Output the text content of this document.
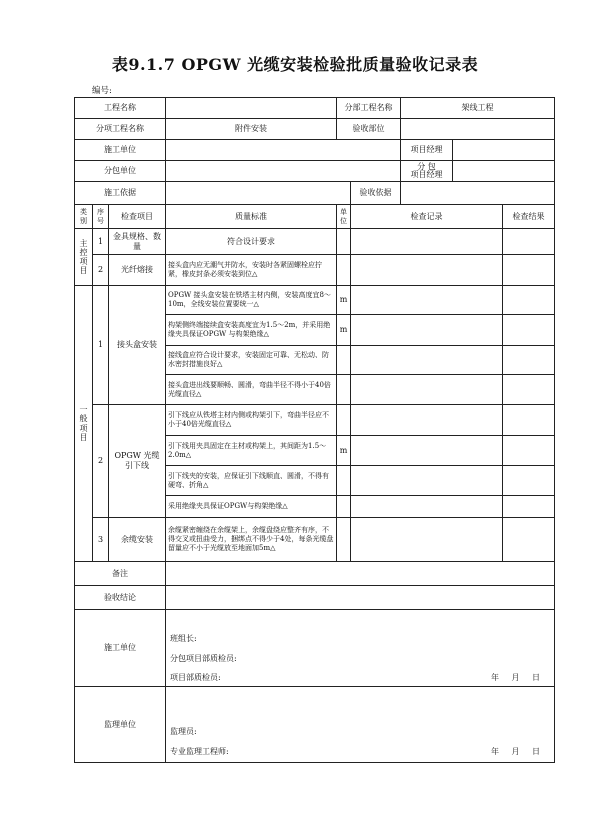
表9.1.7 OPGW 光缆安装检验批质量验收记录表
编号:
工程名称				分部工程名称		架线工程		
分项工程名称			附件安装	验收部位				
施工单位						项目经理		
分包单位						分 包
项目经理		
施工依据					验收依据			
类别	序号	检查项目	质量标准	单位	检查记录			检查结果
主控项目	1	金具规格、数量	符合设计要求					
	2	光纤熔接	接头盒内应无潮气并防水，安装时各紧固螺栓应拧紧，橡皮封条必须安装到位△					
一般项目	1	接头盒安装	OPGW 接头盒安装在铁塔主材内侧，安装高度宜8～10m，全线安装位置要统一△	m				
			构架侧终端接续盒安装高度宜为1.5～2m，并采用绝缘夹具保证OPGW 与构架绝缘△	m				
			接线盒应符合设计要求，安装固定可靠、无松动、防水密封措施良好△					
			接头盒进出线要顺畅、圆滑，弯曲半径不得小于40倍光缆直径△					
	2	OPGW 光缆引下线	引下线应从铁塔主材内侧或构架引下，弯曲半径应不小于40倍光缆直径△					
			引下线用夹具固定在主材或构架上，其间距为1.5～2.0m△	m				
			引下线夹的安装，应保证引下线顺直、圆滑，不得有硬弯、折角△					
			采用绝缘夹具保证OPGW与构架绝缘△					
	3	余缆安装	余缆紧密缠绕在余缆架上，余缆盘绕应整齐有序，不得交叉或扭曲受力，捆绑点不得少于4处，每条光缆盘留量应不小于光缆放至地面加5m△					
备注								
验收结论								
施工单位			班组长:
分包项目部质检员:
项目部质检员: 年 月 日					

监理单位			监理员:
专业监理工程师: 年 月 日					
